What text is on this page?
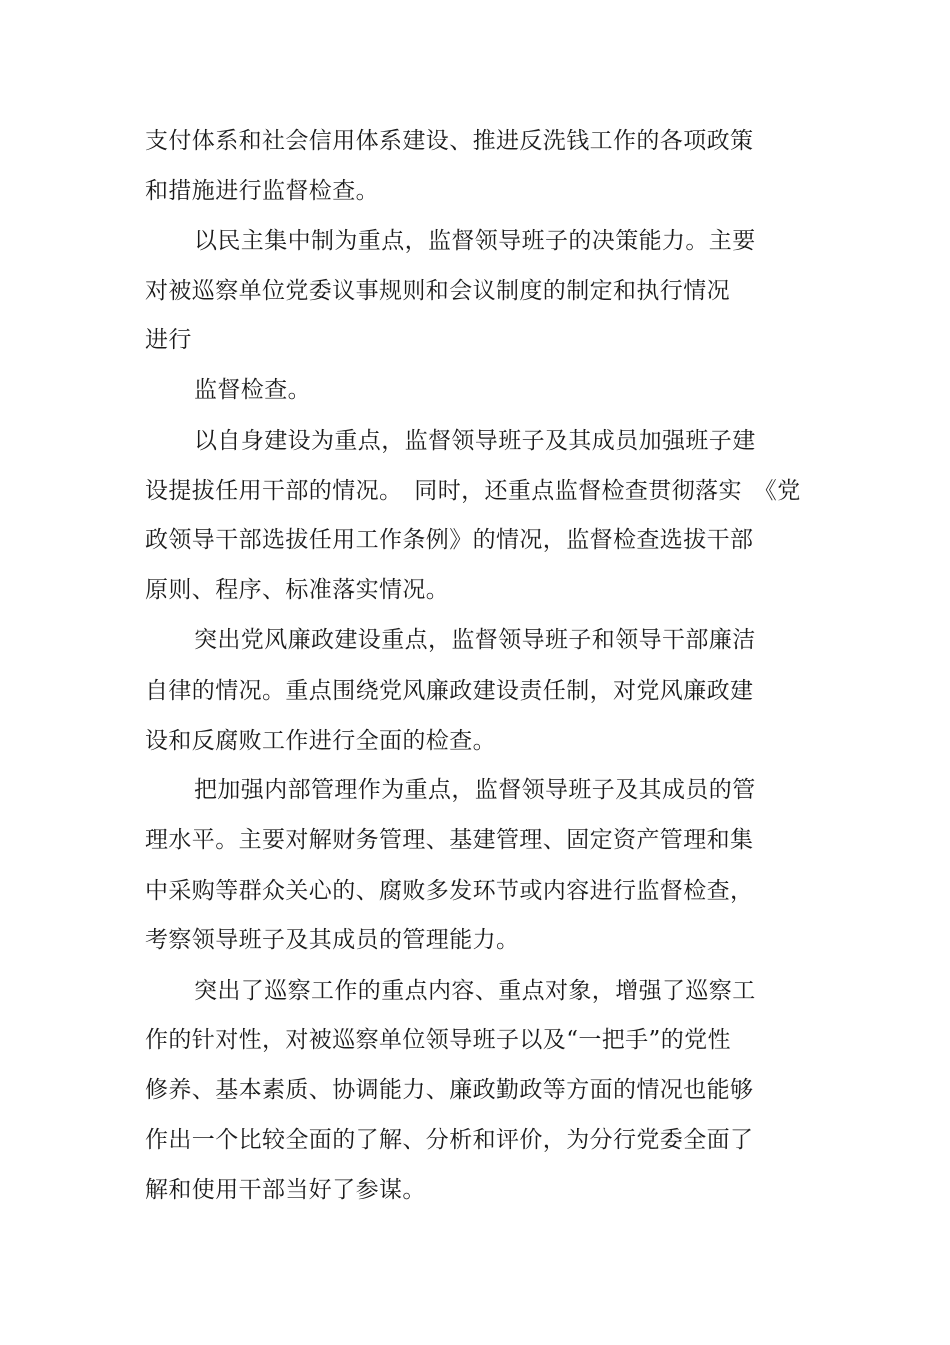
支付体系和社会信用体系建设、推进反洗钱工作的各项政策
和措施进行监督检查。
以民主集中制为重点，监督领导班子的决策能力。主要
对被巡察单位党委议事规则和会议制度的制定和执行情况
进行
监督检查。
以自身建设为重点，监督领导班子及其成员加强班子建
设提拔任用干部的情况。　同时，还重点监督检查贯彻落实　《党
政领导干部选拔任用工作条例》的情况，监督检查选拔干部
原则、程序、标准落实情况。
突出党风廉政建设重点，监督领导班子和领导干部廉洁
自律的情况。重点围绕党风廉政建设责任制，对党风廉政建
设和反腐败工作进行全面的检查。
把加强内部管理作为重点，监督领导班子及其成员的管
理水平。主要对解财务管理、基建管理、固定资产管理和集
中采购等群众关心的、腐败多发环节或内容进行监督检查，
考察领导班子及其成员的管理能力。
突出了巡察工作的重点内容、重点对象，增强了巡察工
作的针对性，对被巡察单位领导班子以及“一把手”的党性
修养、基本素质、协调能力、廉政勤政等方面的情况也能够
作出一个比较全面的了解、分析和评价，为分行党委全面了
解和使用干部当好了参谋。
